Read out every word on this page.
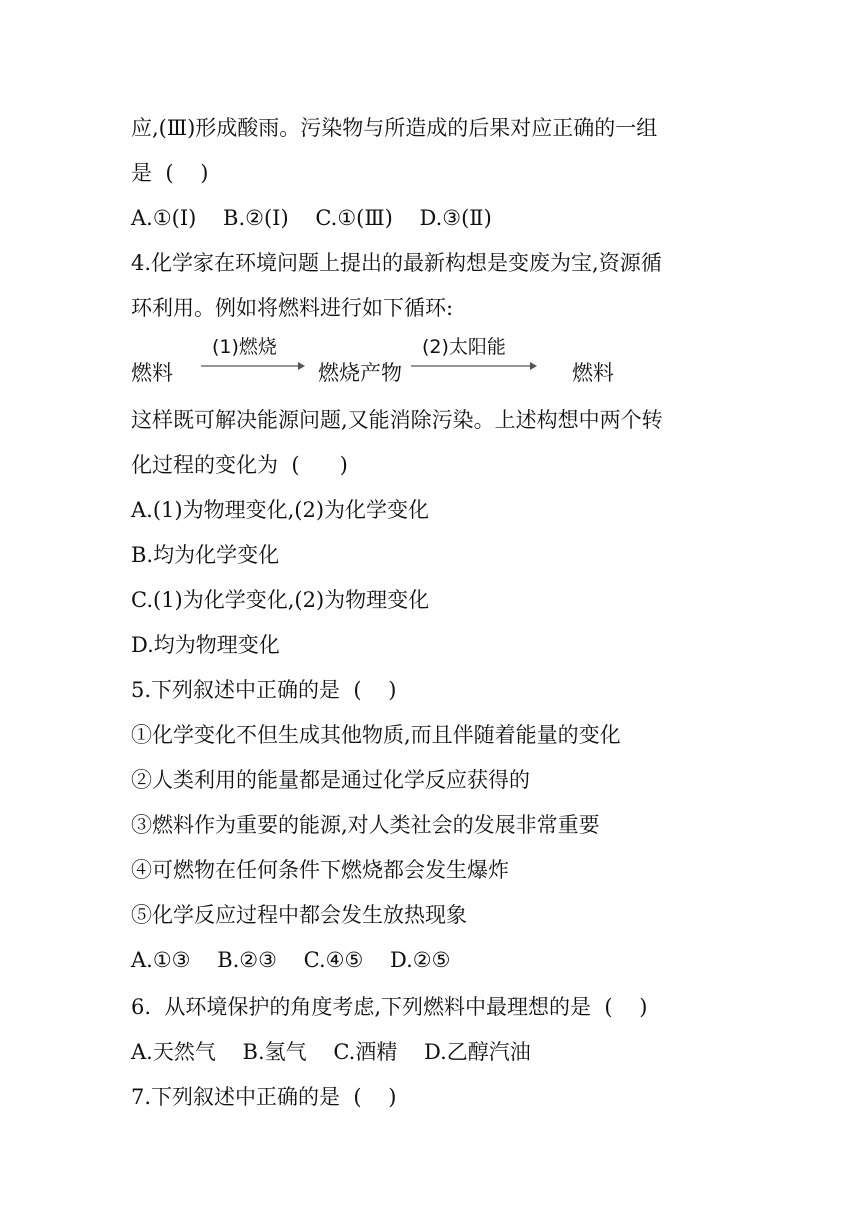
应,(Ⅲ)形成酸雨。污染物与所造成的后果对应正确的一组
是  (    )
A.①(Ⅰ)    B.②(Ⅰ)    C.①(Ⅲ)    D.③(Ⅱ)
4.化学家在环境问题上提出的最新构想是变废为宝,资源循
环利用。例如将燃料进行如下循环:
燃料
(1)燃烧
燃烧产物
(2)太阳能
燃料
这样既可解决能源问题,又能消除污染。上述构想中两个转
化过程的变化为  (      )
A.(1)为物理变化,(2)为化学变化
B.均为化学变化
C.(1)为化学变化,(2)为物理变化
D.均为物理变化
5.下列叙述中正确的是  (    )
①化学变化不但生成其他物质,而且伴随着能量的变化
②人类利用的能量都是通过化学反应获得的
③燃料作为重要的能源,对人类社会的发展非常重要
④可燃物在任何条件下燃烧都会发生爆炸
⑤化学反应过程中都会发生放热现象
A.①③    B.②③    C.④⑤    D.②⑤
6.  从环境保护的角度考虑,下列燃料中最理想的是  (    )
A.天然气    B.氢气    C.酒精    D.乙醇汽油
7.下列叙述中正确的是  (    )
